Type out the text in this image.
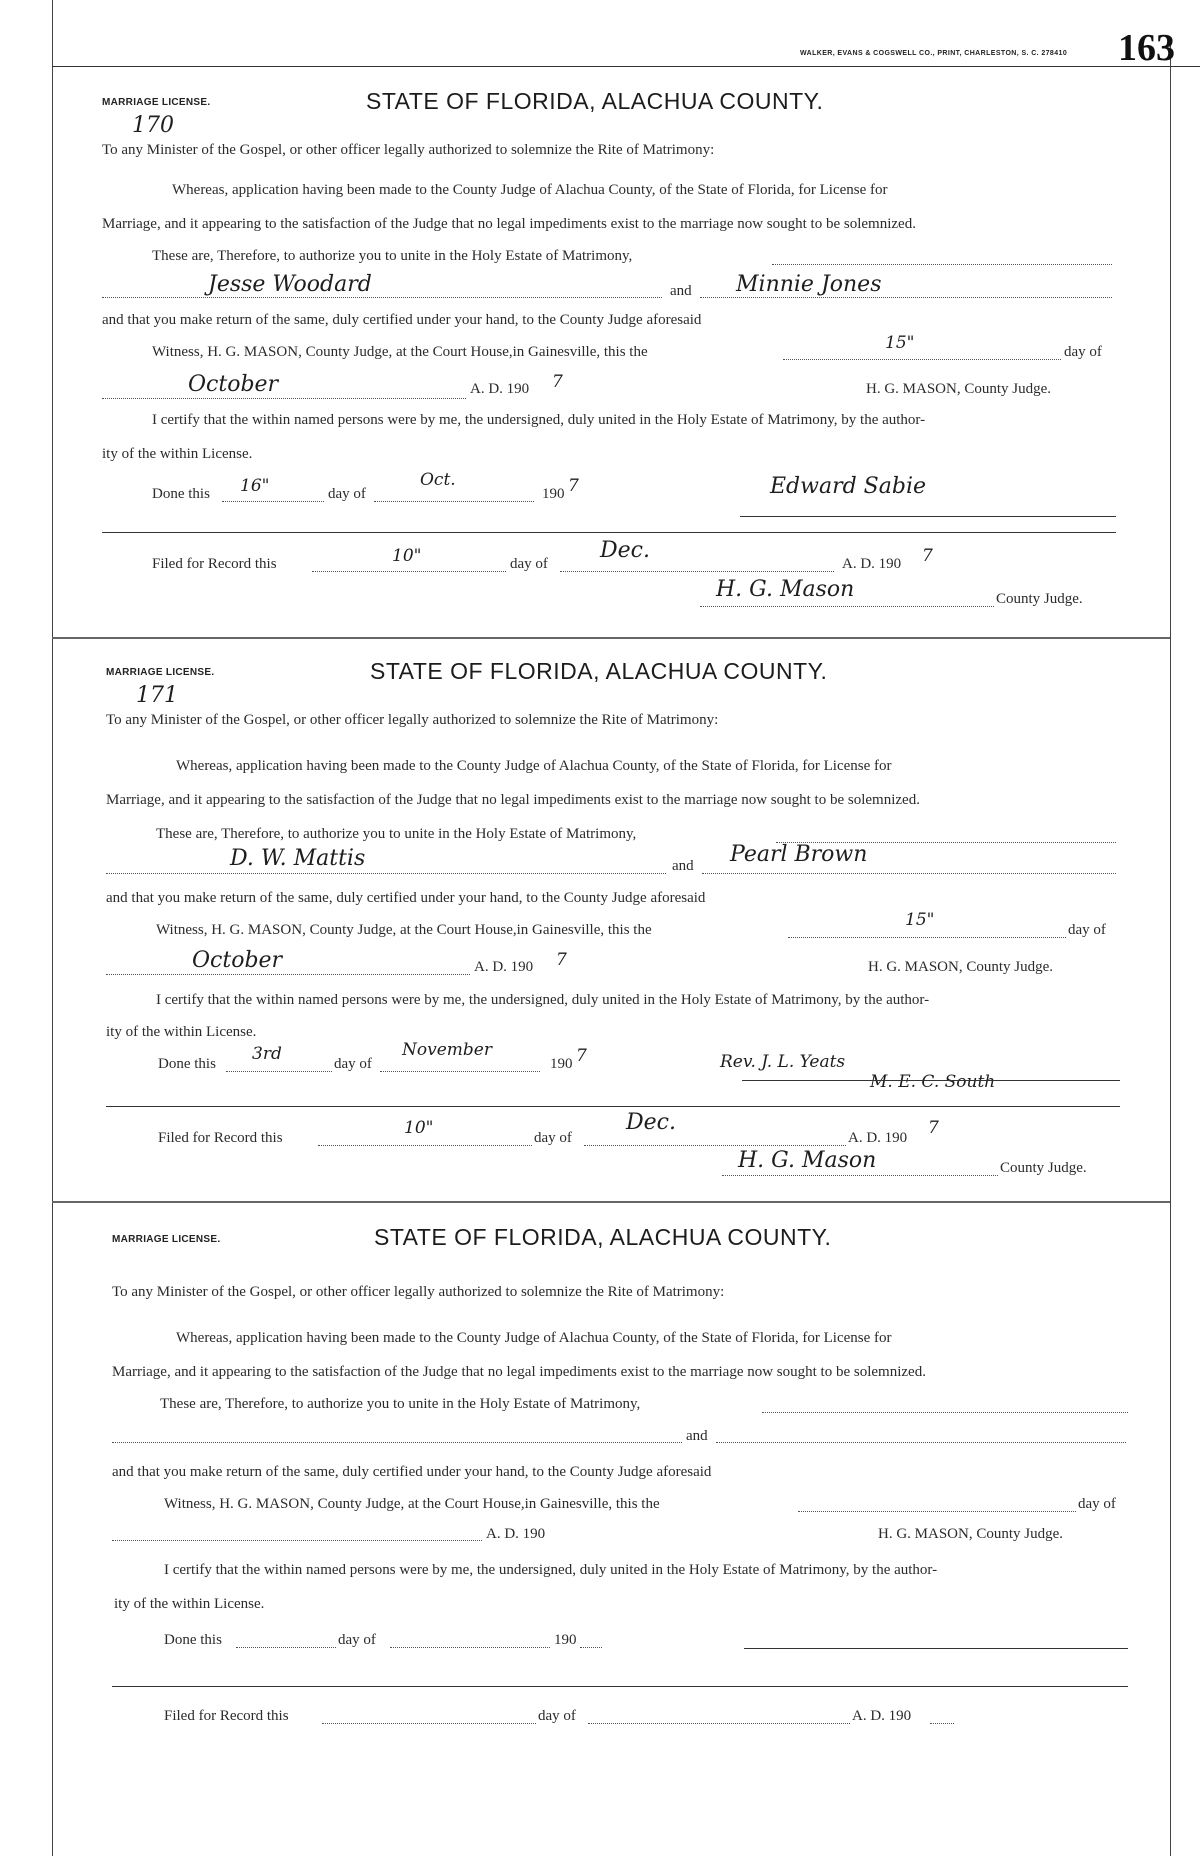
WALKER, EVANS & COGSWELL CO., PRINT, CHARLESTON, S. C. 278410 163
MARRIAGE LICENSE.	STATE OF FLORIDA, ALACHUA COUNTY.
170
To any Minister of the Gospel, or other officer legally authorized to solemnize the Rite of Matrimony:
Whereas, application having been made to the County Judge of Alachua County, of the State of Florida, for License for
Marriage, and it appearing to the satisfaction of the Judge that no legal impediments exist to the marriage now sought to be solemnized.
These are, Therefore, to authorize you to unite in the Holy Estate of Matrimony,
Jesse Woodard	and Minnie Jones
and that you make return of the same, duly certified under your hand, to the County Judge aforesaid
Witness, H. G. MASON, County Judge, at the Court House,in Gainesville, this the	15"	day of
October	A. D. 190 7	H. G. MASON, County Judge.
I certify that the within named persons were by me, the undersigned, duly united in the Holy Estate of Matrimony, by the author-
ity of the within License.
Done this 16"	day of
Oct.
190 7	Edward Sabie
Filed for Record this	10"	day of
Dec.
A. D. 190 7
H. G. Mason	County Judge.
MARRIAGE LICENSE.	STATE OF FLORIDA, ALACHUA COUNTY.
171
To any Minister of the Gospel, or other officer legally authorized to solemnize the Rite of Matrimony:
Whereas, application having been made to the County Judge of Alachua County, of the State of Florida, for License for
Marriage, and it appearing to the satisfaction of the Judge that no legal impediments exist to the marriage now sought to be solemnized.
These are, Therefore, to authorize you to unite in the Holy Estate of Matrimony,
D. W. Mattis	and Pearl Brown
and that you make return of the same, duly certified under your hand, to the County Judge aforesaid
Witness, H. G. MASON, County Judge, at the Court House,in Gainesville, this the	15"	day of
October	A. D. 190 7	H. G. MASON, County Judge.
I certify that the within named persons were by me, the undersigned, duly united in the Holy Estate of Matrimony, by the author-
ity of the within License.
Done this 3rd	day of
November
190 7	Rev. J. L. Yeats
M. E. C. South
Filed for Record this	10"	day of
Dec.
A. D. 190 7
H. G. Mason	County Judge.
MARRIAGE LICENSE.	STATE OF FLORIDA, ALACHUA COUNTY.
To any Minister of the Gospel, or other officer legally authorized to solemnize the Rite of Matrimony:
Whereas, application having been made to the County Judge of Alachua County, of the State of Florida, for License for
Marriage, and it appearing to the satisfaction of the Judge that no legal impediments exist to the marriage now sought to be solemnized.
These are, Therefore, to authorize you to unite in the Holy Estate of Matrimony,
and
and that you make return of the same, duly certified under your hand, to the County Judge aforesaid
Witness, H. G. MASON, County Judge, at the Court House,in Gainesville, this the	day of
A. D. 190	H. G. MASON, County Judge.
I certify that the within named persons were by me, the undersigned, duly united in the Holy Estate of Matrimony, by the author-
ity of the within License.
Done this	day of	190
Filed for Record this	day of	A. D. 190
